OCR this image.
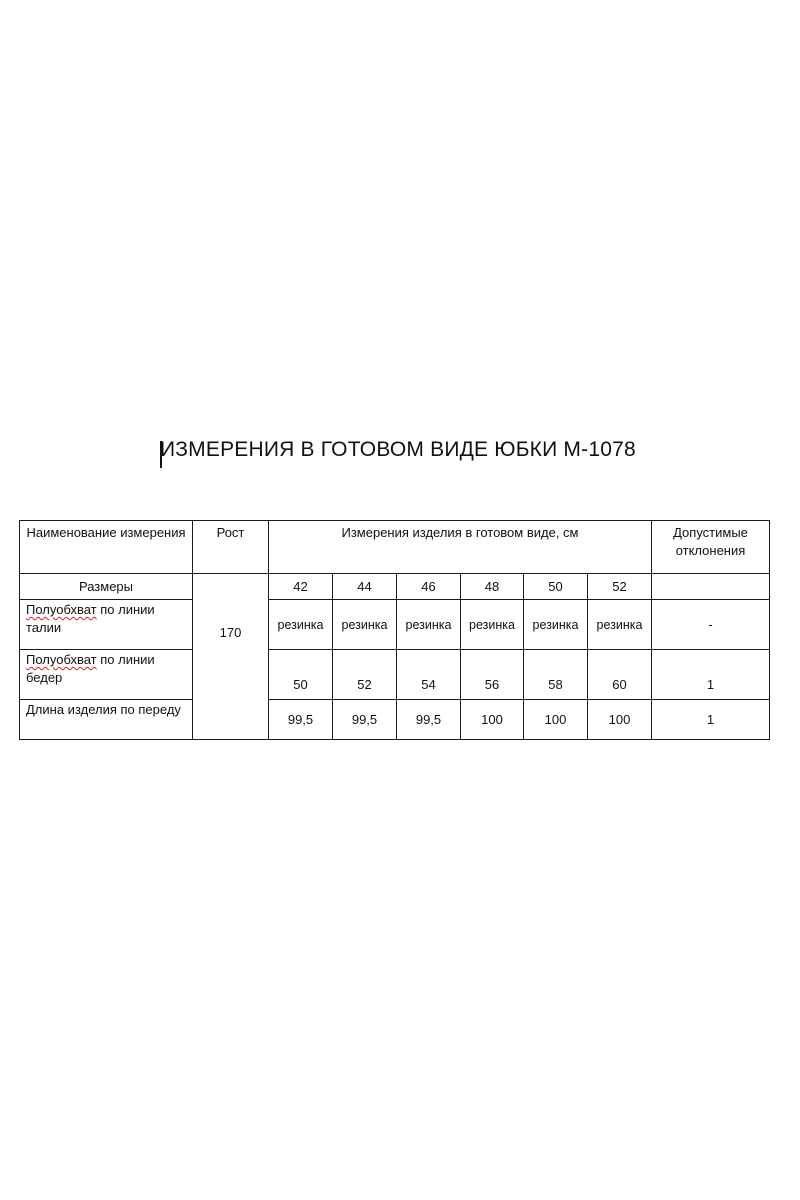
ИЗМЕРЕНИЯ В ГОТОВОМ ВИДЕ ЮБКИ М-1078
Наименование измерения	Рост	Измерения изделия в готовом виде, см						Допустимые отклонения
Размеры	170	42	44	46	48	50	52	
Полуобхват по линии талии		резинка	резинка	резинка	резинка	резинка	резинка	-
Полуобхват по линии бедер		50	52	54	56	58	60	1
Длина изделия по переду		99,5	99,5	99,5	100	100	100	1
